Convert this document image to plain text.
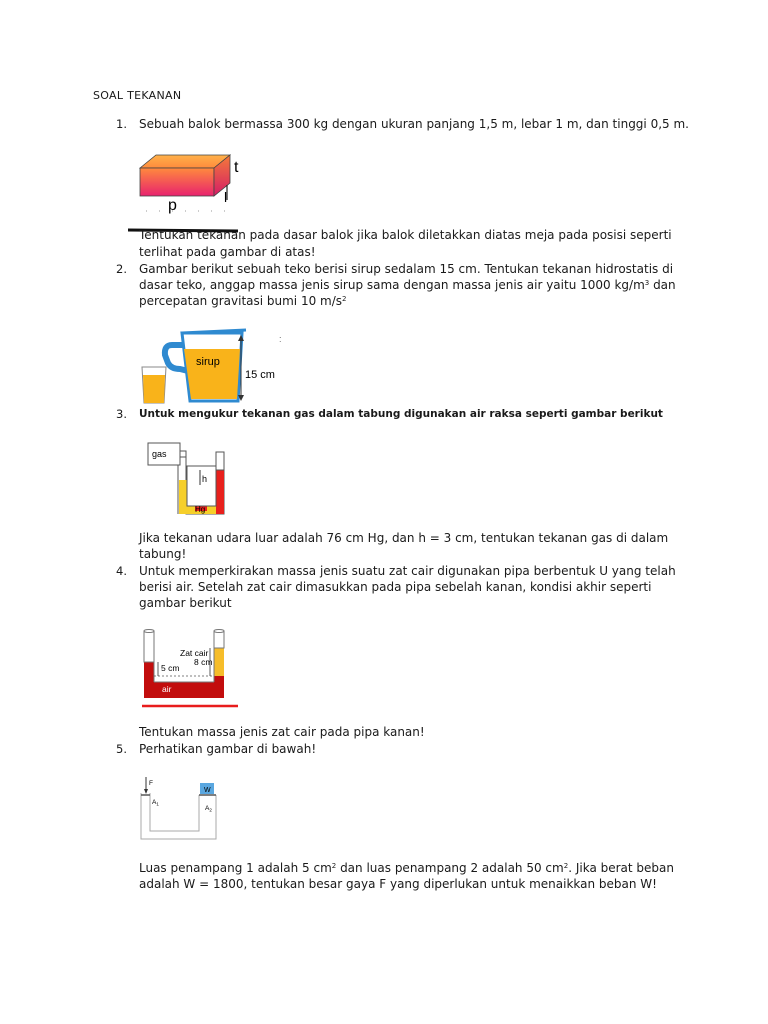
SOAL TEKANAN
1. Sebuah balok bermassa 300 kg dengan ukuran panjang 1,5 m, lebar 1 m, dan tinggi 0,5 m.
t
l
p
Tentukan tekanan pada dasar balok jika balok diletakkan diatas meja pada posisi seperti
terlihat pada gambar di atas!
2. Gambar berikut sebuah teko berisi sirup sedalam 15 cm. Tentukan tekanan hidrostatis di
dasar teko, anggap massa jenis sirup sama dengan massa jenis air yaitu 1000 $kg/m^3$ dan
percepatan gravitasi bumi 10 $m/s^2$
sirup
15 cm
:
3. Untuk mengukur tekanan gas dalam tabung digunakan air raksa seperti gambar berikut
gas
h
Hg
Jika tekanan udara luar adalah 76 cm Hg, dan h = 3 cm, tentukan tekanan gas di dalam
tabung!
4. Untuk memperkirakan massa jenis suatu zat cair digunakan pipa berbentuk U yang telah
berisi air. Setelah zat cair dimasukkan pada pipa sebelah kanan, kondisi akhir seperti
gambar berikut
Zat cair
8 cm
5 cm
air
Tentukan massa jenis zat cair pada pipa kanan!
5. Perhatikan gambar di bawah!
F
W
$A_1$
$A_2$
Luas penampang 1 adalah 5 $cm^2$ dan luas penampang 2 adalah 50 $cm^2$. Jika berat beban
adalah W = 1800, tentukan besar gaya F yang diperlukan untuk menaikkan beban W!
